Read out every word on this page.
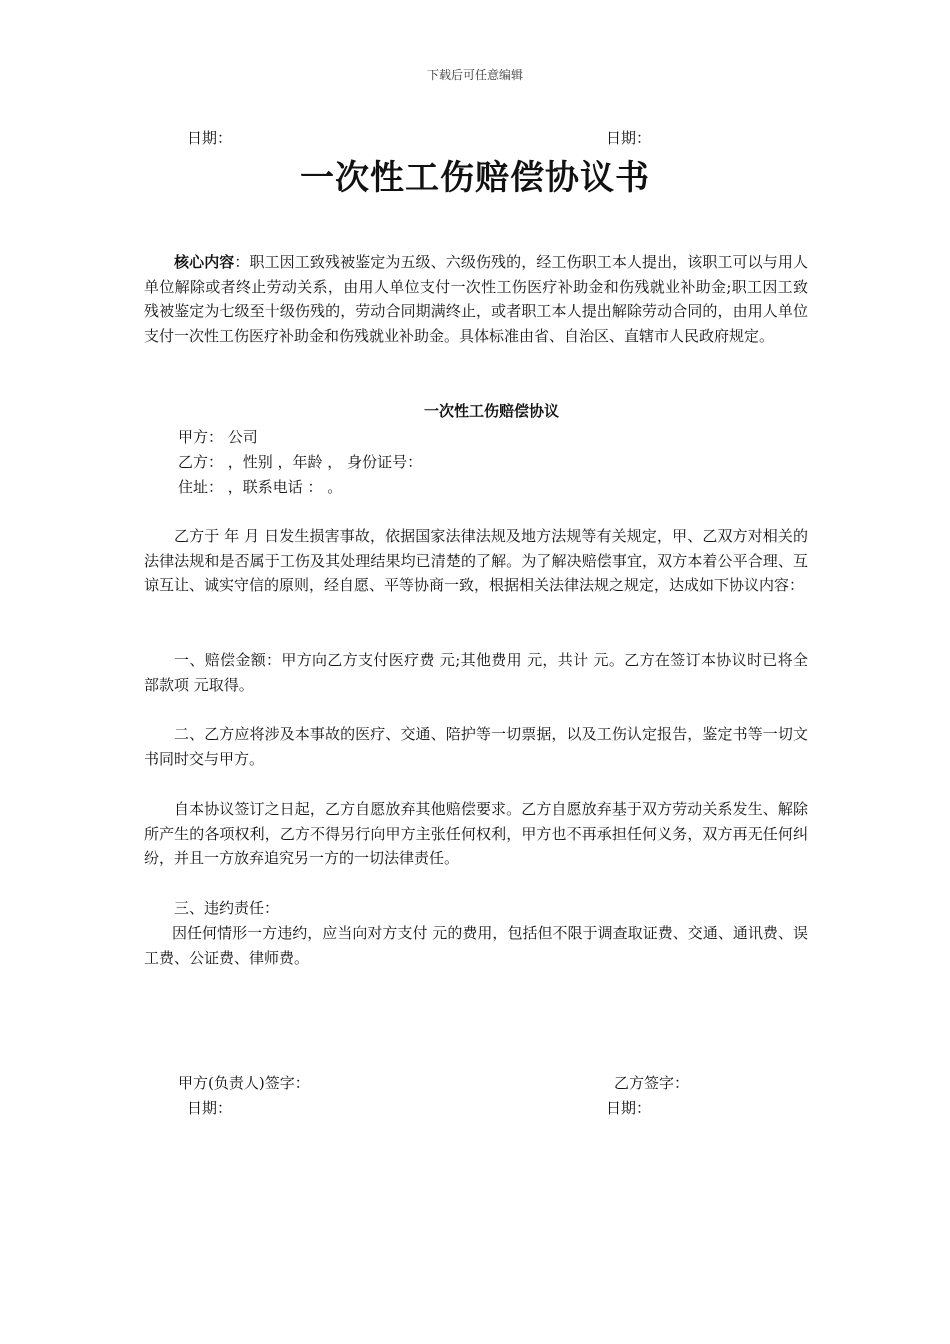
下载后可任意编辑
日期：	日期：
一次性工伤赔偿协议书
核心内容：职工因工致残被鉴定为五级、六级伤残的，经工伤职工本人提出，该职工可以与用人单位解除或者终止劳动关系，由用人单位支付一次性工伤医疗补助金和伤残就业补助金;职工因工致残被鉴定为七级至十级伤残的，劳动合同期满终止，或者职工本人提出解除劳动合同的，由用人单位支付一次性工伤医疗补助金和伤残就业补助金。具体标准由省、自治区、直辖市人民政府规定。
一次性工伤赔偿协议
甲方： 公司
乙方： ，性别 ，年龄 ， 身份证号：
住址： ，联系电话 ： 。
乙方于 年 月 日发生损害事故，依据国家法律法规及地方法规等有关规定，甲、乙双方对相关的法律法规和是否属于工伤及其处理结果均已清楚的了解。为了解决赔偿事宜，双方本着公平合理、互谅互让、诚实守信的原则，经自愿、平等协商一致，根据相关法律法规之规定，达成如下协议内容：
一、赔偿金额：甲方向乙方支付医疗费 元;其他费用 元，共计 元。乙方在签订本协议时已将全部款项 元取得。
二、乙方应将涉及本事故的医疗、交通、陪护等一切票据，以及工伤认定报告，鉴定书等一切文书同时交与甲方。
自本协议签订之日起，乙方自愿放弃其他赔偿要求。乙方自愿放弃基于双方劳动关系发生、解除所产生的各项权利，乙方不得另行向甲方主张任何权利，甲方也不再承担任何义务，双方再无任何纠纷，并且一方放弃追究另一方的一切法律责任。
三、违约责任：
因任何情形一方违约，应当向对方支付 元的费用，包括但不限于调查取证费、交通、通讯费、误工费、公证费、律师费。
甲方(负责人)签字：	乙方签字：
日期：	日期：
